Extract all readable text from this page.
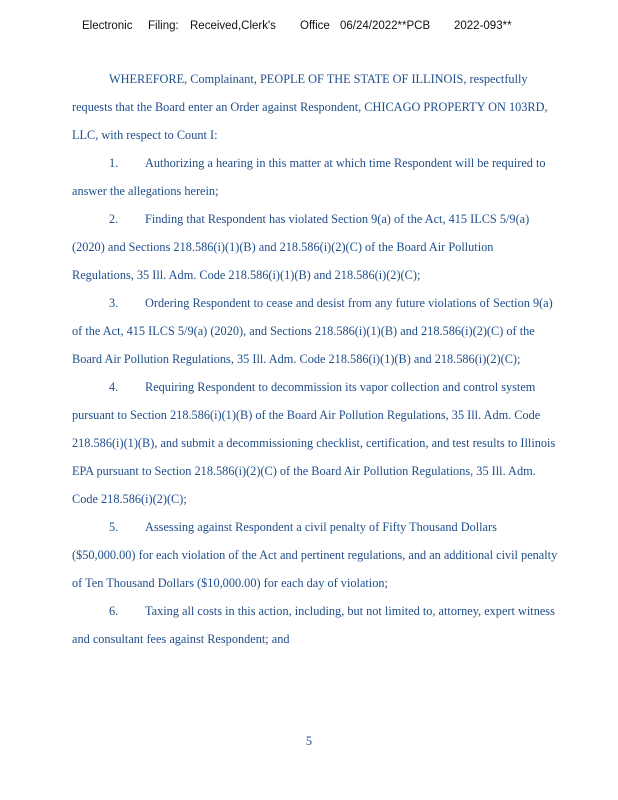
Electronic Filing: Received,Clerk's Office 06/24/2022**PCB 2022-093**
WHEREFORE, Complainant, PEOPLE OF THE STATE OF ILLINOIS, respectfully
requests that the Board enter an Order against Respondent, CHICAGO PROPERTY ON 103RD,
LLC, with respect to Count I:
1. Authorizing a hearing in this matter at which time Respondent will be required to
answer the allegations herein;
2. Finding that Respondent has violated Section 9(a) of the Act, 415 ILCS 5/9(a)
(2020) and Sections 218.586(i)(1)(B) and 218.586(i)(2)(C) of the Board Air Pollution
Regulations, 35 Ill. Adm. Code 218.586(i)(1)(B) and 218.586(i)(2)(C);
3. Ordering Respondent to cease and desist from any future violations of Section 9(a)
of the Act, 415 ILCS 5/9(a) (2020), and Sections 218.586(i)(1)(B) and 218.586(i)(2)(C) of the
Board Air Pollution Regulations, 35 Ill. Adm. Code 218.586(i)(1)(B) and 218.586(i)(2)(C);
4. Requiring Respondent to decommission its vapor collection and control system
pursuant to Section 218.586(i)(1)(B) of the Board Air Pollution Regulations, 35 Ill. Adm. Code
218.586(i)(1)(B), and submit a decommissioning checklist, certification, and test results to Illinois
EPA pursuant to Section 218.586(i)(2)(C) of the Board Air Pollution Regulations, 35 Ill. Adm.
Code 218.586(i)(2)(C);
5. Assessing against Respondent a civil penalty of Fifty Thousand Dollars
($50,000.00) for each violation of the Act and pertinent regulations, and an additional civil penalty
of Ten Thousand Dollars ($10,000.00) for each day of violation;
6. Taxing all costs in this action, including, but not limited to, attorney, expert witness
and consultant fees against Respondent; and
5
